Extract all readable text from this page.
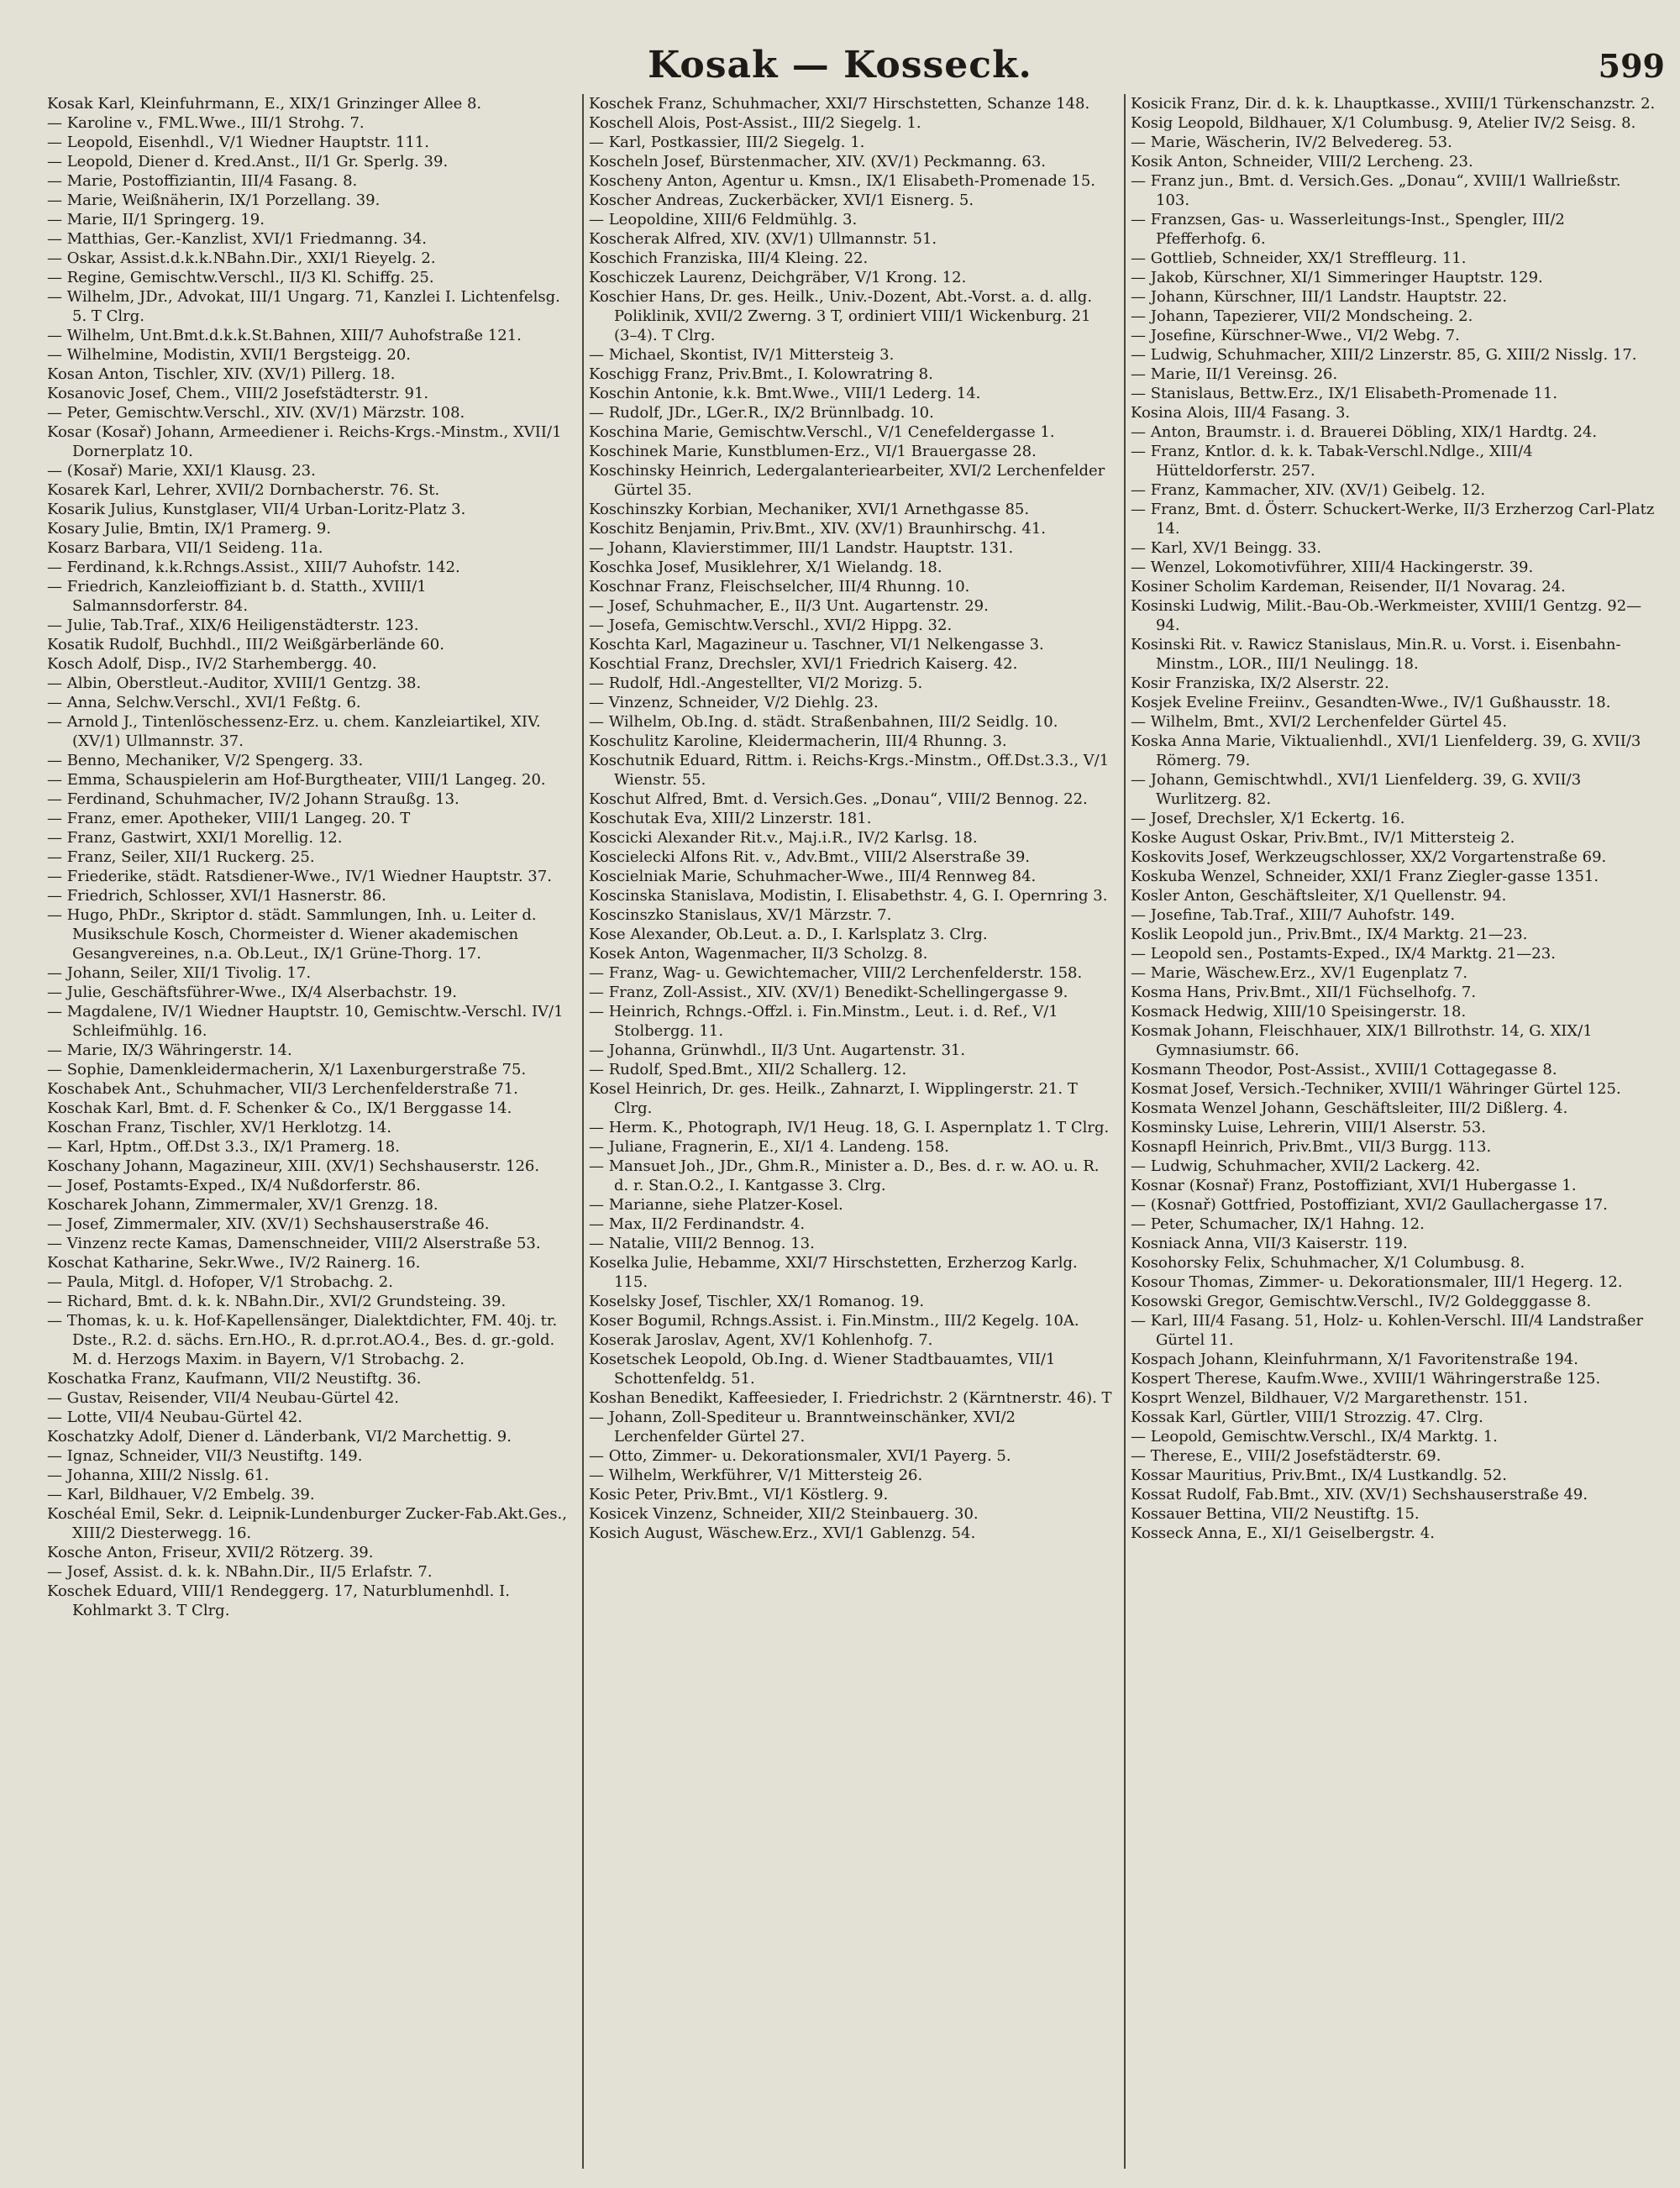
Kosak — Kosseck.	599

Kosak Karl, Kleinfuhrmann, E., XIX/1 Grinzinger Allee 8.

— Karoline v., FML.Wwe., III/1 Strohg. 7.

— Leopold, Eisenhdl., V/1 Wiedner Hauptstr. 111.

— Leopold, Diener d. Kred.Anst., II/1 Gr. Sperlg. 39.

— Marie, Postoffiziantin, III/4 Fasang. 8.

— Marie, Weißnäherin, IX/1 Porzellang. 39.

— Marie, II/1 Springerg. 19.

— Matthias, Ger.-Kanzlist, XVI/1 Friedmanng. 34.

— Oskar, Assist.d.k.k.NBahn.Dir., XXI/1 Rieyelg. 2.

— Regine, Gemischtw.Verschl., II/3 Kl. Schiffg. 25.

— Wilhelm, JDr., Advokat, III/1 Ungarg. 71, Kanzlei I. Lichtenfelsg. 5. T Clrg.

— Wilhelm, Unt.Bmt.d.k.k.St.Bahnen, XIII/7 Auhofstraße 121.

— Wilhelmine, Modistin, XVII/1 Bergsteigg. 20.

Kosan Anton, Tischler, XIV. (XV/1) Pillerg. 18.

Kosanovic Josef, Chem., VIII/2 Josefstädterstr. 91.

— Peter, Gemischtw.Verschl., XIV. (XV/1) Märzstr. 108.

Kosar (Kosař) Johann, Armeediener i. Reichs-Krgs.-Minstm., XVII/1 Dornerplatz 10.

— (Kosař) Marie, XXI/1 Klausg. 23.

Kosarek Karl, Lehrer, XVII/2 Dornbacherstr. 76. St.

Kosarik Julius, Kunstglaser, VII/4 Urban-Loritz-Platz 3.

Kosary Julie, Bmtin, IX/1 Pramerg. 9.

Kosarz Barbara, VII/1 Seideng. 11a.

— Ferdinand, k.k.Rchngs.Assist., XIII/7 Auhofstr. 142.

— Friedrich, Kanzleioffiziant b. d. Statth., XVIII/1 Salmannsdorferstr. 84.

— Julie, Tab.Traf., XIX/6 Heiligenstädterstr. 123.

Kosatik Rudolf, Buchhdl., III/2 Weißgärberlände 60.

Kosch Adolf, Disp., IV/2 Starhembergg. 40.

— Albin, Oberstleut.-Auditor, XVIII/1 Gentzg. 38.

— Anna, Selchw.Verschl., XVI/1 Feßtg. 6.

— Arnold J., Tintenlöschessenz-Erz. u. chem. Kanzleiartikel, XIV. (XV/1) Ullmannstr. 37.

— Benno, Mechaniker, V/2 Spengerg. 33.

— Emma, Schauspielerin am Hof-Burgtheater, VIII/1 Langeg. 20.

— Ferdinand, Schuhmacher, IV/2 Johann Straußg. 13.

— Franz, emer. Apotheker, VIII/1 Langeg. 20. T

— Franz, Gastwirt, XXI/1 Morellig. 12.

— Franz, Seiler, XII/1 Ruckerg. 25.

— Friederike, städt. Ratsdiener-Wwe., IV/1 Wiedner Hauptstr. 37.

— Friedrich, Schlosser, XVI/1 Hasnerstr. 86.

— Hugo, PhDr., Skriptor d. städt. Sammlungen, Inh. u. Leiter d. Musikschule Kosch, Chormeister d. Wiener akademischen Gesangvereines, n.a. Ob.Leut., IX/1 Grüne-Thorg. 17.

— Johann, Seiler, XII/1 Tivolig. 17.

— Julie, Geschäftsführer-Wwe., IX/4 Alserbachstr. 19.

— Magdalene, IV/1 Wiedner Hauptstr. 10, Gemischtw.-Verschl. IV/1 Schleifmühlg. 16.

— Marie, IX/3 Währingerstr. 14.

— Sophie, Damenkleidermacherin, X/1 Laxenburgerstraße 75.

Koschabek Ant., Schuhmacher, VII/3 Lerchenfelderstraße 71.

Koschak Karl, Bmt. d. F. Schenker & Co., IX/1 Berggasse 14.

Koschan Franz, Tischler, XV/1 Herklotzg. 14.

— Karl, Hptm., Off.Dst 3.3., IX/1 Pramerg. 18.

Koschany Johann, Magazineur, XIII. (XV/1) Sechshauserstr. 126.

— Josef, Postamts-Exped., IX/4 Nußdorferstr. 86.

Koscharek Johann, Zimmermaler, XV/1 Grenzg. 18.

— Josef, Zimmermaler, XIV. (XV/1) Sechshauserstraße 46.

— Vinzenz recte Kamas, Damenschneider, VIII/2 Alserstraße 53.

Koschat Katharine, Sekr.Wwe., IV/2 Rainerg. 16.

— Paula, Mitgl. d. Hofoper, V/1 Strobachg. 2.

— Richard, Bmt. d. k. k. NBahn.Dir., XVI/2 Grundsteing. 39.

— Thomas, k. u. k. Hof-Kapellensänger, Dialektdichter, FM. 40j. tr. Dste., R.2. d. sächs. Ern.HO., R. d.pr.rot.AO.4., Bes. d. gr.-gold. M. d. Herzogs Maxim. in Bayern, V/1 Strobachg. 2.

Koschatka Franz, Kaufmann, VII/2 Neustiftg. 36.

— Gustav, Reisender, VII/4 Neubau-Gürtel 42.

— Lotte, VII/4 Neubau-Gürtel 42.

Koschatzky Adolf, Diener d. Länderbank, VI/2 Marchettig. 9.

— Ignaz, Schneider, VII/3 Neustiftg. 149.

— Johanna, XIII/2 Nisslg. 61.

— Karl, Bildhauer, V/2 Embelg. 39.

Koschéal Emil, Sekr. d. Leipnik-Lundenburger Zucker-Fab.Akt.Ges., XIII/2 Diesterwegg. 16.

Kosche Anton, Friseur, XVII/2 Rötzerg. 39.

— Josef, Assist. d. k. k. NBahn.Dir., II/5 Erlafstr. 7.

Koschek Eduard, VIII/1 Rendeggerg. 17, Naturblumenhdl. I. Kohlmarkt 3. T Clrg.

Koschek Franz, Schuhmacher, XXI/7 Hirschstetten, Schanze 148.

Koschell Alois, Post-Assist., III/2 Siegelg. 1.

— Karl, Postkassier, III/2 Siegelg. 1.

Koscheln Josef, Bürstenmacher, XIV. (XV/1) Peckmanng. 63.

Koscheny Anton, Agentur u. Kmsn., IX/1 Elisabeth-Promenade 15.

Koscher Andreas, Zuckerbäcker, XVI/1 Eisnerg. 5.

— Leopoldine, XIII/6 Feldmühlg. 3.

Koscherak Alfred, XIV. (XV/1) Ullmannstr. 51.

Koschich Franziska, III/4 Kleing. 22.

Koschiczek Laurenz, Deichgräber, V/1 Krong. 12.

Koschier Hans, Dr. ges. Heilk., Univ.-Dozent, Abt.-Vorst. a. d. allg. Poliklinik, XVII/2 Zwerng. 3 T, ordiniert VIII/1 Wickenburg. 21 (3–4). T Clrg.

— Michael, Skontist, IV/1 Mittersteig 3.

Koschigg Franz, Priv.Bmt., I. Kolowratring 8.

Koschin Antonie, k.k. Bmt.Wwe., VIII/1 Lederg. 14.

— Rudolf, JDr., LGer.R., IX/2 Brünnlbadg. 10.

Koschina Marie, Gemischtw.Verschl., V/1 Cenefeldergasse 1.

Koschinek Marie, Kunstblumen-Erz., VI/1 Brauergasse 28.

Koschinsky Heinrich, Ledergalanteriearbeiter, XVI/2 Lerchenfelder Gürtel 35.

Koschinszky Korbian, Mechaniker, XVI/1 Arnethgasse 85.

Koschitz Benjamin, Priv.Bmt., XIV. (XV/1) Braunhirschg. 41.

— Johann, Klavierstimmer, III/1 Landstr. Hauptstr. 131.

Koschka Josef, Musiklehrer, X/1 Wielandg. 18.

Koschnar Franz, Fleischselcher, III/4 Rhunng. 10.

— Josef, Schuhmacher, E., II/3 Unt. Augartenstr. 29.

— Josefa, Gemischtw.Verschl., XVI/2 Hippg. 32.

Koschta Karl, Magazineur u. Taschner, VI/1 Nelkengasse 3.

Koschtial Franz, Drechsler, XVI/1 Friedrich Kaiserg. 42.

— Rudolf, Hdl.-Angestellter, VI/2 Morizg. 5.

— Vinzenz, Schneider, V/2 Diehlg. 23.

— Wilhelm, Ob.Ing. d. städt. Straßenbahnen, III/2 Seidlg. 10.

Koschulitz Karoline, Kleidermacherin, III/4 Rhunng. 3.

Koschutnik Eduard, Rittm. i. Reichs-Krgs.-Minstm., Off.Dst.3.3., V/1 Wienstr. 55.

Koschut Alfred, Bmt. d. Versich.Ges. „Donau“, VIII/2 Bennog. 22.

Koschutak Eva, XIII/2 Linzerstr. 181.

Koscicki Alexander Rit.v., Maj.i.R., IV/2 Karlsg. 18.

Koscielecki Alfons Rit. v., Adv.Bmt., VIII/2 Alserstraße 39.

Koscielniak Marie, Schuhmacher-Wwe., III/4 Rennweg 84.

Koscinska Stanislava, Modistin, I. Elisabethstr. 4, G. I. Opernring 3.

Koscinszko Stanislaus, XV/1 Märzstr. 7.

Kose Alexander, Ob.Leut. a. D., I. Karlsplatz 3. Clrg.

Kosek Anton, Wagenmacher, II/3 Scholzg. 8.

— Franz, Wag- u. Gewichtemacher, VIII/2 Lerchenfelderstr. 158.

— Franz, Zoll-Assist., XIV. (XV/1) Benedikt-Schellingergasse 9.

— Heinrich, Rchngs.-Offzl. i. Fin.Minstm., Leut. i. d. Ref., V/1 Stolbergg. 11.

— Johanna, Grünwhdl., II/3 Unt. Augartenstr. 31.

— Rudolf, Sped.Bmt., XII/2 Schallerg. 12.

Kosel Heinrich, Dr. ges. Heilk., Zahnarzt, I. Wipplingerstr. 21. T Clrg.

— Herm. K., Photograph, IV/1 Heug. 18, G. I. Aspernplatz 1. T Clrg.

— Juliane, Fragnerin, E., XI/1 4. Landeng. 158.

— Mansuet Joh., JDr., Ghm.R., Minister a. D., Bes. d. r. w. AO. u. R. d. r. Stan.O.2., I. Kantgasse 3. Clrg.

— Marianne, siehe Platzer-Kosel.

— Max, II/2 Ferdinandstr. 4.

— Natalie, VIII/2 Bennog. 13.

Koselka Julie, Hebamme, XXI/7 Hirschstetten, Erzherzog Karlg. 115.

Koselsky Josef, Tischler, XX/1 Romanog. 19.

Koser Bogumil, Rchngs.Assist. i. Fin.Minstm., III/2 Kegelg. 10A.

Koserak Jaroslav, Agent, XV/1 Kohlenhofg. 7.

Kosetschek Leopold, Ob.Ing. d. Wiener Stadtbauamtes, VII/1 Schottenfeldg. 51.

Koshan Benedikt, Kaffeesieder, I. Friedrichstr. 2 (Kärntnerstr. 46). T

— Johann, Zoll-Spediteur u. Branntweinschänker, XVI/2 Lerchenfelder Gürtel 27.

— Otto, Zimmer- u. Dekorationsmaler, XVI/1 Payerg. 5.

— Wilhelm, Werkführer, V/1 Mittersteig 26.

Kosic Peter, Priv.Bmt., VI/1 Köstlerg. 9.

Kosicek Vinzenz, Schneider, XII/2 Steinbauerg. 30.

Kosich August, Wäschew.Erz., XVI/1 Gablenzg. 54.

Kosicik Franz, Dir. d. k. k. Lhauptkasse., XVIII/1 Türkenschanzstr. 2.

Kosig Leopold, Bildhauer, X/1 Columbusg. 9, Atelier IV/2 Seisg. 8.

— Marie, Wäscherin, IV/2 Belvedereg. 53.

Kosik Anton, Schneider, VIII/2 Lercheng. 23.

— Franz jun., Bmt. d. Versich.Ges. „Donau“, XVIII/1 Wallrießstr. 103.

— Franzsen, Gas- u. Wasserleitungs-Inst., Spengler, III/2 Pfefferhofg. 6.

— Gottlieb, Schneider, XX/1 Streffleurg. 11.

— Jakob, Kürschner, XI/1 Simmeringer Hauptstr. 129.

— Johann, Kürschner, III/1 Landstr. Hauptstr. 22.

— Johann, Tapezierer, VII/2 Mondscheing. 2.

— Josefine, Kürschner-Wwe., VI/2 Webg. 7.

— Ludwig, Schuhmacher, XIII/2 Linzerstr. 85, G. XIII/2 Nisslg. 17.

— Marie, II/1 Vereinsg. 26.

— Stanislaus, Bettw.Erz., IX/1 Elisabeth-Promenade 11.

Kosina Alois, III/4 Fasang. 3.

— Anton, Braumstr. i. d. Brauerei Döbling, XIX/1 Hardtg. 24.

— Franz, Kntlor. d. k. k. Tabak-Verschl.Ndlge., XIII/4 Hütteldorferstr. 257.

— Franz, Kammacher, XIV. (XV/1) Geibelg. 12.

— Franz, Bmt. d. Österr. Schuckert-Werke, II/3 Erzherzog Carl-Platz 14.

— Karl, XV/1 Beingg. 33.

— Wenzel, Lokomotivführer, XIII/4 Hackingerstr. 39.

Kosiner Scholim Kardeman, Reisender, II/1 Novarag. 24.

Kosinski Ludwig, Milit.-Bau-Ob.-Werkmeister, XVIII/1 Gentzg. 92—94.

Kosinski Rit. v. Rawicz Stanislaus, Min.R. u. Vorst. i. Eisenbahn-Minstm., LOR., III/1 Neulingg. 18.

Kosir Franziska, IX/2 Alserstr. 22.

Kosjek Eveline Freiinv., Gesandten-Wwe., IV/1 Gußhausstr. 18.

— Wilhelm, Bmt., XVI/2 Lerchenfelder Gürtel 45.

Koska Anna Marie, Viktualienhdl., XVI/1 Lienfelderg. 39, G. XVII/3 Römerg. 79.

— Johann, Gemischtwhdl., XVI/1 Lienfelderg. 39, G. XVII/3 Wurlitzerg. 82.

— Josef, Drechsler, X/1 Eckertg. 16.

Koske August Oskar, Priv.Bmt., IV/1 Mittersteig 2.

Koskovits Josef, Werkzeugschlosser, XX/2 Vorgartenstraße 69.

Koskuba Wenzel, Schneider, XXI/1 Franz Ziegler-gasse 1351.

Kosler Anton, Geschäftsleiter, X/1 Quellenstr. 94.

— Josefine, Tab.Traf., XIII/7 Auhofstr. 149.

Koslik Leopold jun., Priv.Bmt., IX/4 Marktg. 21—23.

— Leopold sen., Postamts-Exped., IX/4 Marktg. 21—23.

— Marie, Wäschew.Erz., XV/1 Eugenplatz 7.

Kosma Hans, Priv.Bmt., XII/1 Füchselhofg. 7.

Kosmack Hedwig, XIII/10 Speisingerstr. 18.

Kosmak Johann, Fleischhauer, XIX/1 Billrothstr. 14, G. XIX/1 Gymnasiumstr. 66.

Kosmann Theodor, Post-Assist., XVIII/1 Cottagegasse 8.

Kosmat Josef, Versich.-Techniker, XVIII/1 Währinger Gürtel 125.

Kosmata Wenzel Johann, Geschäftsleiter, III/2 Dißlerg. 4.

Kosminsky Luise, Lehrerin, VIII/1 Alserstr. 53.

Kosnapfl Heinrich, Priv.Bmt., VII/3 Burgg. 113.

— Ludwig, Schuhmacher, XVII/2 Lackerg. 42.

Kosnar (Kosnař) Franz, Postoffiziant, XVI/1 Hubergasse 1.

— (Kosnař) Gottfried, Postoffiziant, XVI/2 Gaullachergasse 17.

— Peter, Schumacher, IX/1 Hahng. 12.

Kosniack Anna, VII/3 Kaiserstr. 119.

Kosohorsky Felix, Schuhmacher, X/1 Columbusg. 8.

Kosour Thomas, Zimmer- u. Dekorationsmaler, III/1 Hegerg. 12.

Kosowski Gregor, Gemischtw.Verschl., IV/2 Goldegggasse 8.

— Karl, III/4 Fasang. 51, Holz- u. Kohlen-Verschl. III/4 Landstraßer Gürtel 11.

Kospach Johann, Kleinfuhrmann, X/1 Favoritenstraße 194.

Kospert Therese, Kaufm.Wwe., XVIII/1 Währingerstraße 125.

Kosprt Wenzel, Bildhauer, V/2 Margarethenstr. 151.

Kossak Karl, Gürtler, VIII/1 Strozzig. 47. Clrg.

— Leopold, Gemischtw.Verschl., IX/4 Marktg. 1.

— Therese, E., VIII/2 Josefstädterstr. 69.

Kossar Mauritius, Priv.Bmt., IX/4 Lustkandlg. 52.

Kossat Rudolf, Fab.Bmt., XIV. (XV/1) Sechshauserstraße 49.

Kossauer Bettina, VII/2 Neustiftg. 15.

Kosseck Anna, E., XI/1 Geiselbergstr. 4.
